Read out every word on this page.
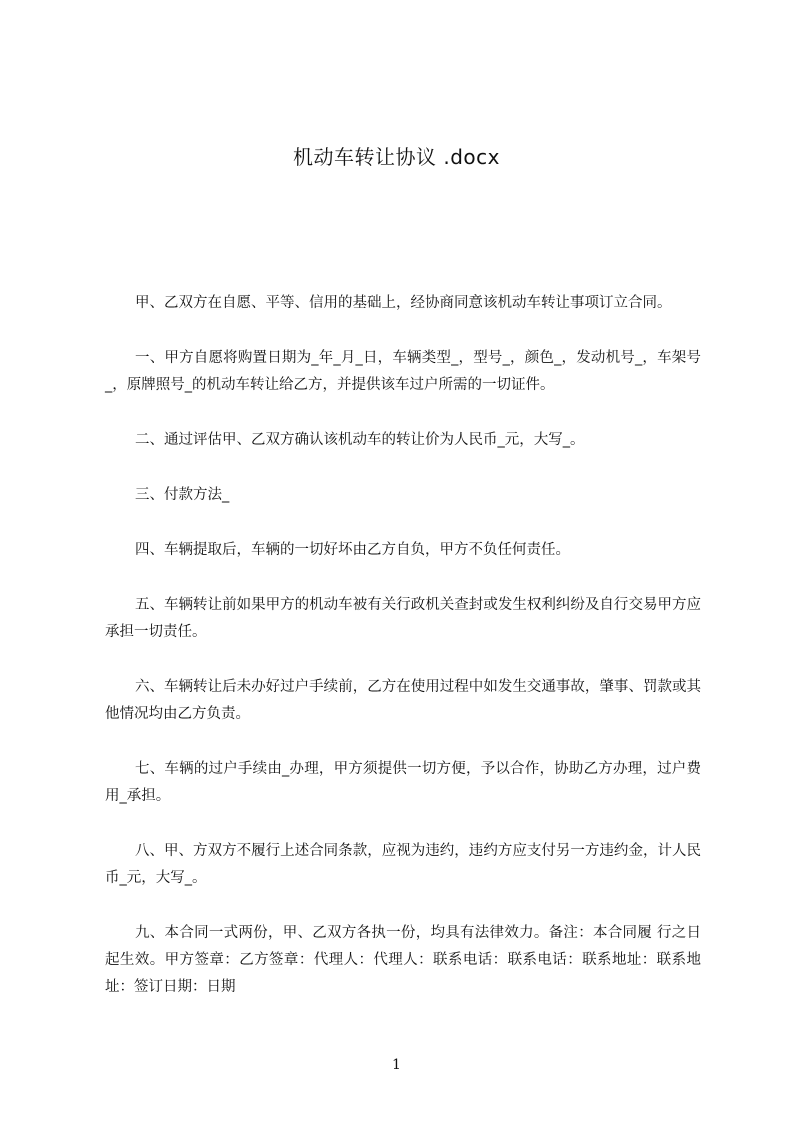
机动车转让协议 .docx

甲、乙双方在自愿、平等、信用的基础上，经协商同意该机动车转让事项订立合同。

一、甲方自愿将购置日期为_年_月_日，车辆类型_，型号_，颜色_，发动机号_，车架号_，原牌照号_的机动车转让给乙方，并提供该车过户所需的一切证件。

二、通过评估甲、乙双方确认该机动车的转让价为人民币_元，大写_。

三、付款方法_

四、车辆提取后，车辆的一切好坏由乙方自负，甲方不负任何责任。

五、车辆转让前如果甲方的机动车被有关行政机关查封或发生权利纠纷及自行交易甲方应承担一切责任。

六、车辆转让后未办好过户手续前，乙方在使用过程中如发生交通事故，肇事、罚款或其他情况均由乙方负责。

七、车辆的过户手续由_办理，甲方须提供一切方便，予以合作，协助乙方办理，过户费用_承担。

八、甲、方双方不履行上述合同条款，应视为违约，违约方应支付另一方违约金，计人民币_元，大写_。

九、本合同一式两份，甲、乙双方各执一份，均具有法律效力。备注：本合同履 行之日起生效。甲方签章：乙方签章：代理人：代理人：联系电话：联系电话：联系地址：联系地址：签订日期：日期

1
